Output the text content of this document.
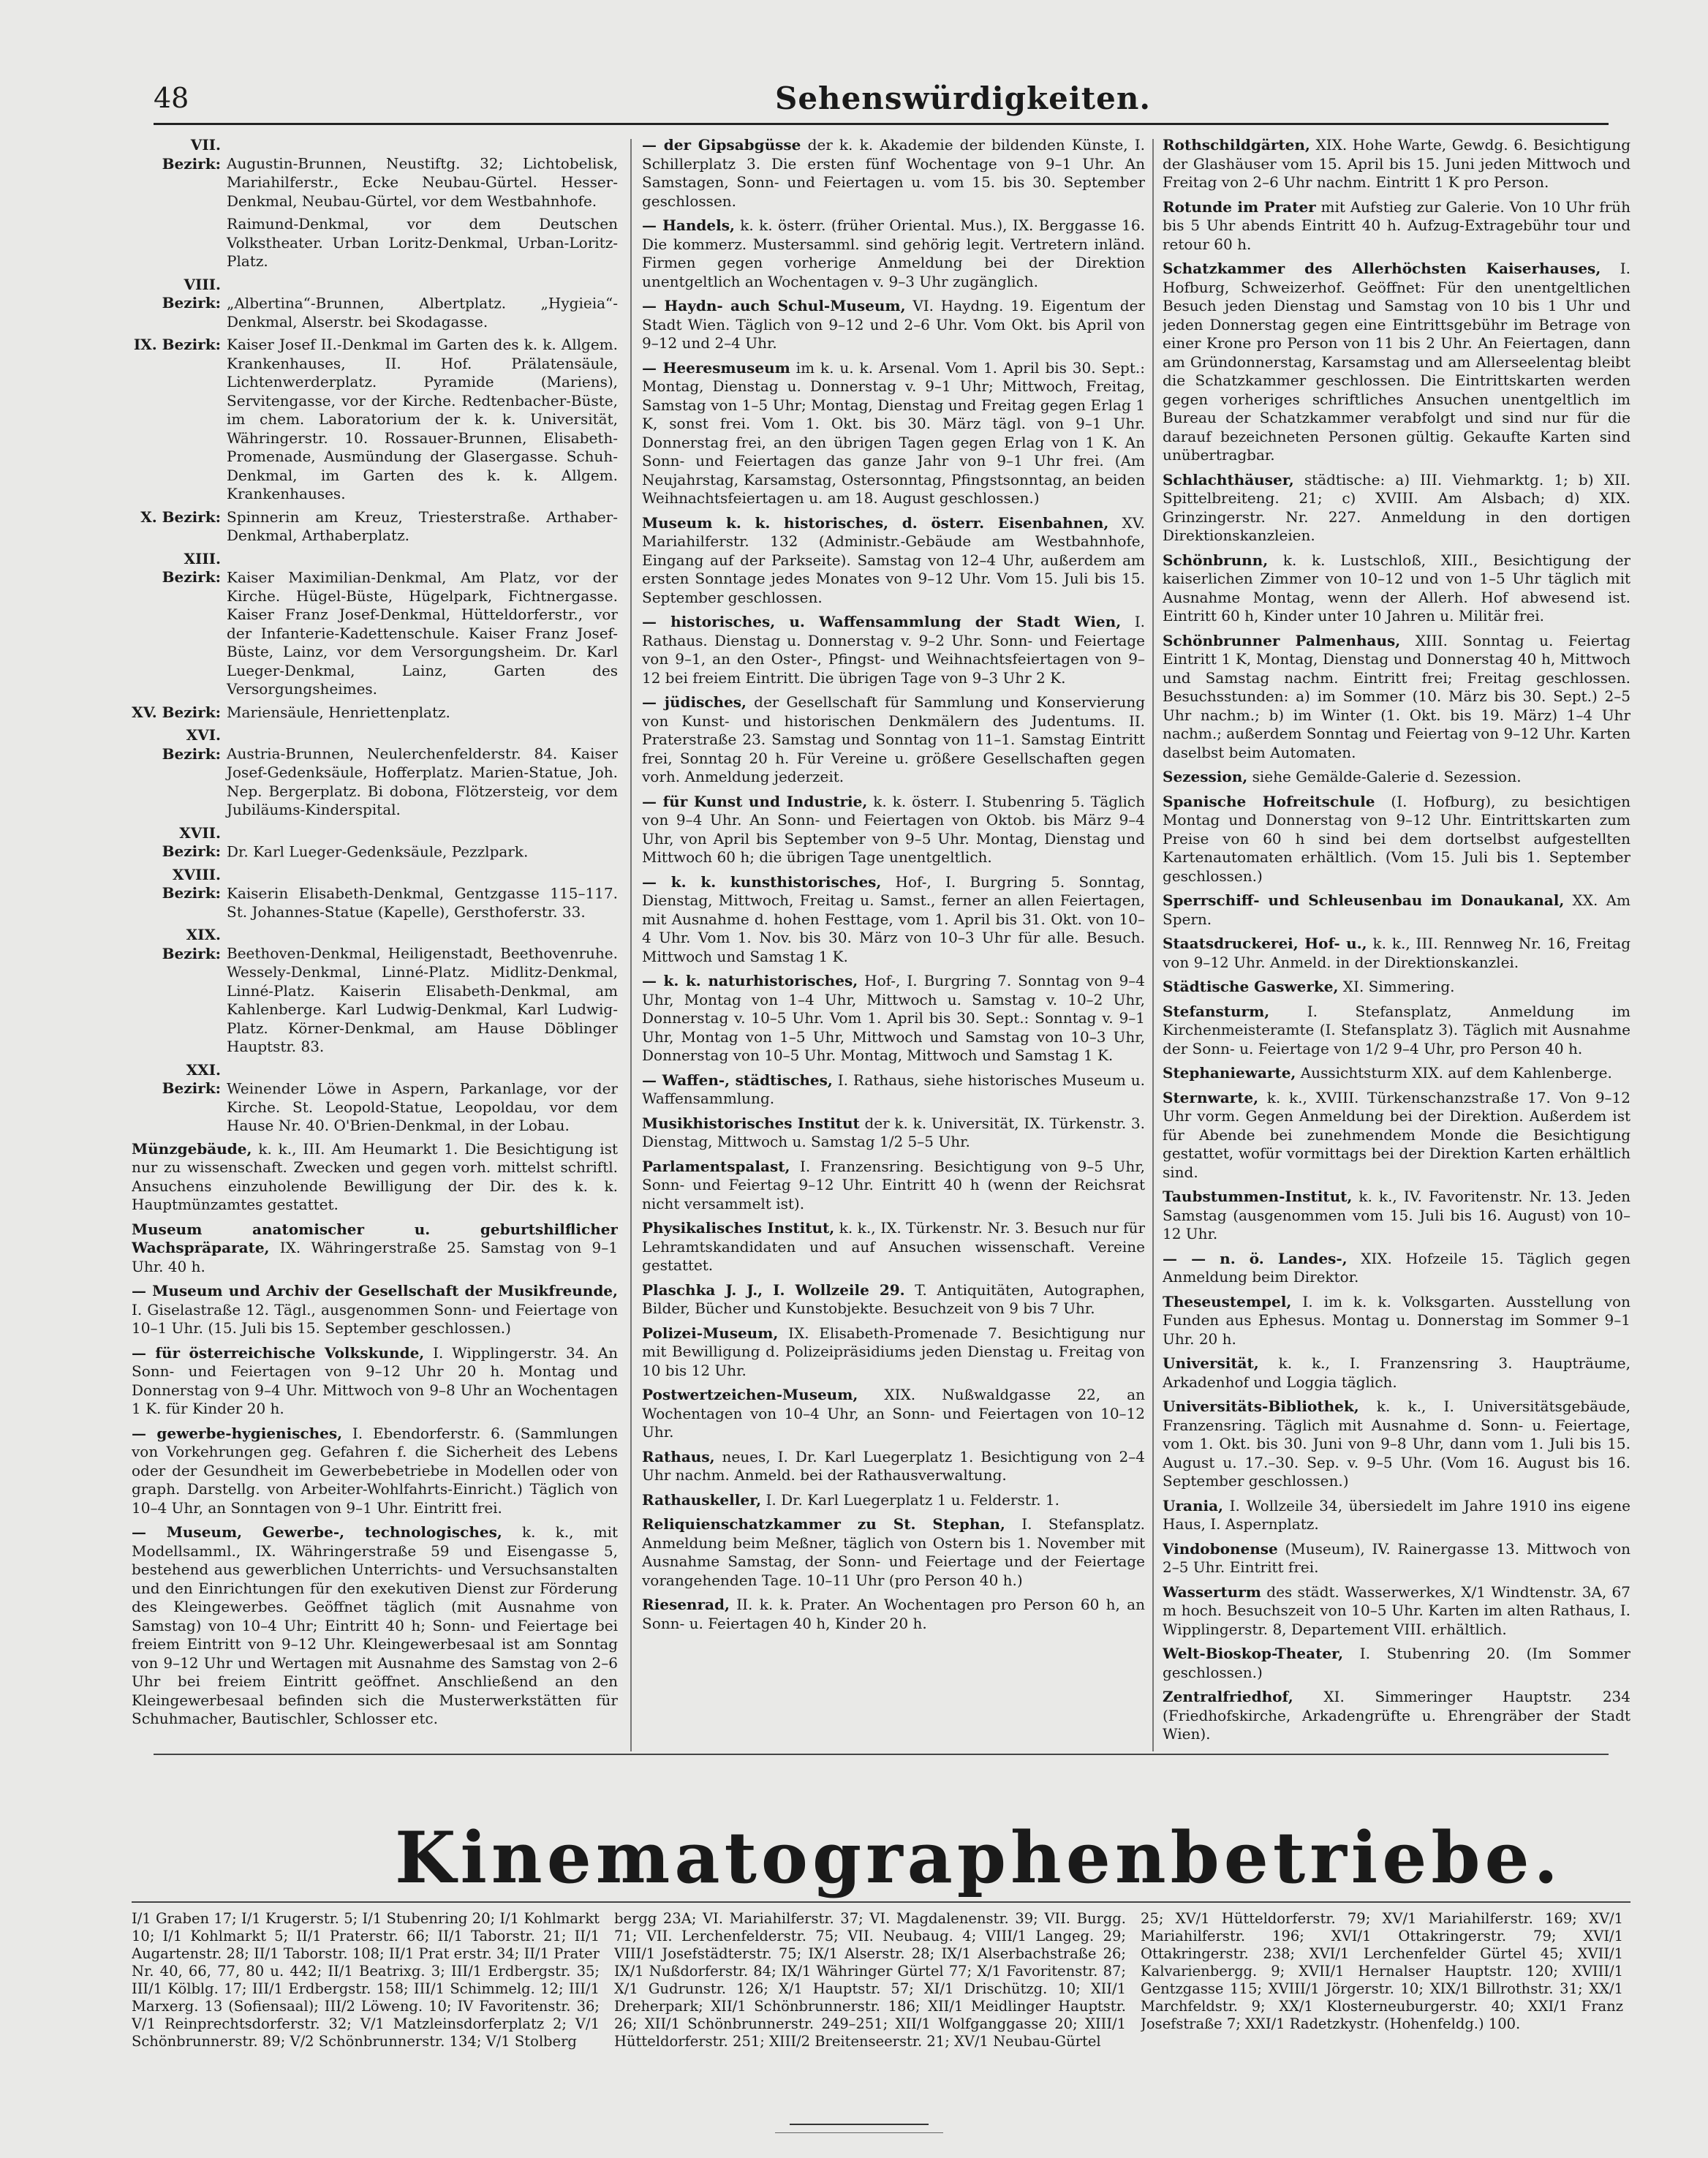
48	Sehenswürdigkeiten.

VII. Bezirk: Augustin-Brunnen, Neustiftg. 32; Lichtobelisk, Mariahilferstr., Ecke Neubau-Gürtel. Hesser-Denkmal, Neubau-Gürtel, vor dem Westbahnhofe.

Raimund-Denkmal, vor dem Deutschen Volkstheater. Urban Loritz-Denkmal, Urban-Loritz-Platz.

VIII. Bezirk: „Albertina“-Brunnen, Albertplatz. „Hygieia“-Denkmal, Alserstr. bei Skodagasse.

IX. Bezirk: Kaiser Josef II.-Denkmal im Garten des k. k. Allgem. Krankenhauses, II. Hof. Prälatensäule, Lichtenwerderplatz. Pyramide (Mariens), Servitengasse, vor der Kirche. Redtenbacher-Büste, im chem. Laboratorium der k. k. Universität, Währingerstr. 10. Rossauer-Brunnen, Elisabeth-Promenade, Ausmündung der Glasergasse. Schuh-Denkmal, im Garten des k. k. Allgem. Krankenhauses.

X. Bezirk: Spinnerin am Kreuz, Triesterstraße. Arthaber-Denkmal, Arthaberplatz.

XIII. Bezirk: Kaiser Maximilian-Denkmal, Am Platz, vor der Kirche. Hügel-Büste, Hügelpark, Fichtnergasse. Kaiser Franz Josef-Denkmal, Hütteldorferstr., vor der Infanterie-Kadettenschule. Kaiser Franz Josef-Büste, Lainz, vor dem Versorgungsheim. Dr. Karl Lueger-Denkmal, Lainz, Garten des Versorgungsheimes.

XV. Bezirk: Mariensäule, Henriettenplatz.

XVI. Bezirk: Austria-Brunnen, Neulerchenfelderstr. 84. Kaiser Josef-Gedenksäule, Hofferplatz. Marien-Statue, Joh. Nep. Bergerplatz. Bi dobona, Flötzersteig, vor dem Jubiläums-Kinderspital.

XVII. Bezirk: Dr. Karl Lueger-Gedenksäule, Pezzlpark.

XVIII. Bezirk: Kaiserin Elisabeth-Denkmal, Gentzgasse 115–117. St. Johannes-Statue (Kapelle), Gersthoferstr. 33.

XIX. Bezirk: Beethoven-Denkmal, Heiligenstadt, Beethovenruhe. Wessely-Denkmal, Linné-Platz. Midlitz-Denkmal, Linné-Platz. Kaiserin Elisabeth-Denkmal, am Kahlenberge. Karl Ludwig-Denkmal, Karl Ludwig-Platz. Körner-Denkmal, am Hause Döblinger Hauptstr. 83.

XXI. Bezirk: Weinender Löwe in Aspern, Parkanlage, vor der Kirche. St. Leopold-Statue, Leopoldau, vor dem Hause Nr. 40. O'Brien-Denkmal, in der Lobau.

Münzgebäude, k. k., III. Am Heumarkt 1. Die Besichtigung ist nur zu wissenschaft. Zwecken und gegen vorh. mittelst schriftl. Ansuchens einzuholende Bewilligung der Dir. des k. k. Hauptmünzamtes gestattet.

Museum anatomischer u. geburtshilflicher Wachspräparate, IX. Währingerstraße 25. Samstag von 9–1 Uhr. 40 h.

— Museum und Archiv der Gesellschaft der Musikfreunde, I. Giselastraße 12. Tägl., ausgenommen Sonn- und Feiertage von 10–1 Uhr. (15. Juli bis 15. September geschlossen.)

— für österreichische Volkskunde, I. Wipplingerstr. 34. An Sonn- und Feiertagen von 9–12 Uhr 20 h. Montag und Donnerstag von 9–4 Uhr. Mittwoch von 9–8 Uhr an Wochentagen 1 K. für Kinder 20 h.

— gewerbe-hygienisches, I. Ebendorferstr. 6. (Sammlungen von Vorkehrungen geg. Gefahren f. die Sicherheit des Lebens oder der Gesundheit im Gewerbebetriebe in Modellen oder von graph. Darstellg. von Arbeiter-Wohlfahrts-Einricht.) Täglich von 10–4 Uhr, an Sonntagen von 9–1 Uhr. Eintritt frei.

— Museum, Gewerbe-, technologisches, k. k., mit Modellsamml., IX. Währingerstraße 59 und Eisengasse 5, bestehend aus gewerblichen Unterrichts- und Versuchsanstalten und den Einrichtungen für den exekutiven Dienst zur Förderung des Kleingewerbes. Geöffnet täglich (mit Ausnahme von Samstag) von 10–4 Uhr; Eintritt 40 h; Sonn- und Feiertage bei freiem Eintritt von 9–12 Uhr. Kleingewerbesaal ist am Sonntag von 9–12 Uhr und Wertagen mit Ausnahme des Samstag von 2–6 Uhr bei freiem Eintritt geöffnet. Anschließend an den Kleingewerbesaal befinden sich die Musterwerkstätten für Schuhmacher, Bautischler, Schlosser etc.

— der Gipsabgüsse der k. k. Akademie der bildenden Künste, I. Schillerplatz 3. Die ersten fünf Wochentage von 9–1 Uhr. An Samstagen, Sonn- und Feiertagen u. vom 15. bis 30. September geschlossen.

— Handels, k. k. österr. (früher Oriental. Mus.), IX. Berggasse 16. Die kommerz. Mustersamml. sind gehörig legit. Vertretern inländ. Firmen gegen vorherige Anmeldung bei der Direktion unentgeltlich an Wochentagen v. 9–3 Uhr zugänglich.

— Haydn- auch Schul-Museum, VI. Haydng. 19. Eigentum der Stadt Wien. Täglich von 9–12 und 2–6 Uhr. Vom Okt. bis April von 9–12 und 2–4 Uhr.

— Heeresmuseum im k. u. k. Arsenal. Vom 1. April bis 30. Sept.: Montag, Dienstag u. Donnerstag v. 9–1 Uhr; Mittwoch, Freitag, Samstag von 1–5 Uhr; Montag, Dienstag und Freitag gegen Erlag 1 K, sonst frei. Vom 1. Okt. bis 30. März tägl. von 9–1 Uhr. Donnerstag frei, an den übrigen Tagen gegen Erlag von 1 K. An Sonn- und Feiertagen das ganze Jahr von 9–1 Uhr frei. (Am Neujahrstag, Karsamstag, Ostersonntag, Pfingstsonntag, an beiden Weihnachtsfeiertagen u. am 18. August geschlossen.)

Museum k. k. historisches, d. österr. Eisenbahnen, XV. Mariahilferstr. 132 (Administr.-Gebäude am Westbahnhofe, Eingang auf der Parkseite). Samstag von 12–4 Uhr, außerdem am ersten Sonntage jedes Monates von 9–12 Uhr. Vom 15. Juli bis 15. September geschlossen.

— historisches, u. Waffensammlung der Stadt Wien, I. Rathaus. Dienstag u. Donnerstag v. 9–2 Uhr. Sonn- und Feiertage von 9–1, an den Oster-, Pfingst- und Weihnachtsfeiertagen von 9–12 bei freiem Eintritt. Die übrigen Tage von 9–3 Uhr 2 K.

— jüdisches, der Gesellschaft für Sammlung und Konservierung von Kunst- und historischen Denkmälern des Judentums. II. Praterstraße 23. Samstag und Sonntag von 11–1. Samstag Eintritt frei, Sonntag 20 h. Für Vereine u. größere Gesellschaften gegen vorh. Anmeldung jederzeit.

— für Kunst und Industrie, k. k. österr. I. Stubenring 5. Täglich von 9–4 Uhr. An Sonn- und Feiertagen von Oktob. bis März 9–4 Uhr, von April bis September von 9–5 Uhr. Montag, Dienstag und Mittwoch 60 h; die übrigen Tage unentgeltlich.

— k. k. kunsthistorisches, Hof-, I. Burgring 5. Sonntag, Dienstag, Mittwoch, Freitag u. Samst., ferner an allen Feiertagen, mit Ausnahme d. hohen Festtage, vom 1. April bis 31. Okt. von 10–4 Uhr. Vom 1. Nov. bis 30. März von 10–3 Uhr für alle. Besuch. Mittwoch und Samstag 1 K.

— k. k. naturhistorisches, Hof-, I. Burgring 7. Sonntag von 9–4 Uhr, Montag von 1–4 Uhr, Mittwoch u. Samstag v. 10–2 Uhr, Donnerstag v. 10–5 Uhr. Vom 1. April bis 30. Sept.: Sonntag v. 9–1 Uhr, Montag von 1–5 Uhr, Mittwoch und Samstag von 10–3 Uhr, Donnerstag von 10–5 Uhr. Montag, Mittwoch und Samstag 1 K.

— Waffen-, städtisches, I. Rathaus, siehe historisches Museum u. Waffensammlung.

Musikhistorisches Institut der k. k. Universität, IX. Türkenstr. 3. Dienstag, Mittwoch u. Samstag 1/2 5–5 Uhr.

Parlamentspalast, I. Franzensring. Besichtigung von 9–5 Uhr, Sonn- und Feiertag 9–12 Uhr. Eintritt 40 h (wenn der Reichsrat nicht versammelt ist).

Physikalisches Institut, k. k., IX. Türkenstr. Nr. 3. Besuch nur für Lehramtskandidaten und auf Ansuchen wissenschaft. Vereine gestattet.

Plaschka J. J., I. Wollzeile 29. T. Antiquitäten, Autographen, Bilder, Bücher und Kunstobjekte. Besuchzeit von 9 bis 7 Uhr.

Polizei-Museum, IX. Elisabeth-Promenade 7. Besichtigung nur mit Bewilligung d. Polizeipräsidiums jeden Dienstag u. Freitag von 10 bis 12 Uhr.

Postwertzeichen-Museum, XIX. Nußwaldgasse 22, an Wochentagen von 10–4 Uhr, an Sonn- und Feiertagen von 10–12 Uhr.

Rathaus, neues, I. Dr. Karl Luegerplatz 1. Besichtigung von 2–4 Uhr nachm. Anmeld. bei der Rathausverwaltung.

Rathauskeller, I. Dr. Karl Luegerplatz 1 u. Felderstr. 1.

Reliquienschatzkammer zu St. Stephan, I. Stefansplatz. Anmeldung beim Meßner, täglich von Ostern bis 1. November mit Ausnahme Samstag, der Sonn- und Feiertage und der Feiertage vorangehenden Tage. 10–11 Uhr (pro Person 40 h.)

Riesenrad, II. k. k. Prater. An Wochentagen pro Person 60 h, an Sonn- u. Feiertagen 40 h, Kinder 20 h.

Rothschildgärten, XIX. Hohe Warte, Gewdg. 6. Besichtigung der Glashäuser vom 15. April bis 15. Juni jeden Mittwoch und Freitag von 2–6 Uhr nachm. Eintritt 1 K pro Person.

Rotunde im Prater mit Aufstieg zur Galerie. Von 10 Uhr früh bis 5 Uhr abends Eintritt 40 h. Aufzug-Extragebühr tour und retour 60 h.

Schatzkammer des Allerhöchsten Kaiserhauses, I. Hofburg, Schweizerhof. Geöffnet: Für den unentgeltlichen Besuch jeden Dienstag und Samstag von 10 bis 1 Uhr und jeden Donnerstag gegen eine Eintrittsgebühr im Betrage von einer Krone pro Person von 11 bis 2 Uhr. An Feiertagen, dann am Gründonnerstag, Karsamstag und am Allerseelentag bleibt die Schatzkammer geschlossen. Die Eintrittskarten werden gegen vorheriges schriftliches Ansuchen unentgeltlich im Bureau der Schatzkammer verabfolgt und sind nur für die darauf bezeichneten Personen gültig. Gekaufte Karten sind unübertragbar.

Schlachthäuser, städtische: a) III. Viehmarktg. 1; b) XII. Spittelbreiteng. 21; c) XVIII. Am Alsbach; d) XIX. Grinzingerstr. Nr. 227. Anmeldung in den dortigen Direktionskanzleien.

Schönbrunn, k. k. Lustschloß, XIII., Besichtigung der kaiserlichen Zimmer von 10–12 und von 1–5 Uhr täglich mit Ausnahme Montag, wenn der Allerh. Hof abwesend ist. Eintritt 60 h, Kinder unter 10 Jahren u. Militär frei.

Schönbrunner Palmenhaus, XIII. Sonntag u. Feiertag Eintritt 1 K, Montag, Dienstag und Donnerstag 40 h, Mittwoch und Samstag nachm. Eintritt frei; Freitag geschlossen. Besuchsstunden: a) im Sommer (10. März bis 30. Sept.) 2–5 Uhr nachm.; b) im Winter (1. Okt. bis 19. März) 1–4 Uhr nachm.; außerdem Sonntag und Feiertag von 9–12 Uhr. Karten daselbst beim Automaten.

Sezession, siehe Gemälde-Galerie d. Sezession.

Spanische Hofreitschule (I. Hofburg), zu besichtigen Montag und Donnerstag von 9–12 Uhr. Eintrittskarten zum Preise von 60 h sind bei dem dortselbst aufgestellten Kartenautomaten erhältlich. (Vom 15. Juli bis 1. September geschlossen.)

Sperrschiff- und Schleusenbau im Donaukanal, XX. Am Spern.

Staatsdruckerei, Hof- u., k. k., III. Rennweg Nr. 16, Freitag von 9–12 Uhr. Anmeld. in der Direktionskanzlei.

Städtische Gaswerke, XI. Simmering.

Stefansturm, I. Stefansplatz, Anmeldung im Kirchenmeisteramte (I. Stefansplatz 3). Täglich mit Ausnahme der Sonn- u. Feiertage von 1/2 9–4 Uhr, pro Person 40 h.

Stephaniewarte, Aussichtsturm XIX. auf dem Kahlenberge.

Sternwarte, k. k., XVIII. Türkenschanzstraße 17. Von 9–12 Uhr vorm. Gegen Anmeldung bei der Direktion. Außerdem ist für Abende bei zunehmendem Monde die Besichtigung gestattet, wofür vormittags bei der Direktion Karten erhältlich sind.

Taubstummen-Institut, k. k., IV. Favoritenstr. Nr. 13. Jeden Samstag (ausgenommen vom 15. Juli bis 16. August) von 10–12 Uhr.

— — n. ö. Landes-, XIX. Hofzeile 15. Täglich gegen Anmeldung beim Direktor.

Theseustempel, I. im k. k. Volksgarten. Ausstellung von Funden aus Ephesus. Montag u. Donnerstag im Sommer 9–1 Uhr. 20 h.

Universität, k. k., I. Franzensring 3. Haupträume, Arkadenhof und Loggia täglich.

Universitäts-Bibliothek, k. k., I. Universitätsgebäude, Franzensring. Täglich mit Ausnahme d. Sonn- u. Feiertage, vom 1. Okt. bis 30. Juni von 9–8 Uhr, dann vom 1. Juli bis 15. August u. 17.–30. Sep. v. 9–5 Uhr. (Vom 16. August bis 16. September geschlossen.)

Urania, I. Wollzeile 34, übersiedelt im Jahre 1910 ins eigene Haus, I. Aspernplatz.

Vindobonense (Museum), IV. Rainergasse 13. Mittwoch von 2–5 Uhr. Eintritt frei.

Wasserturm des städt. Wasserwerkes, X/1 Windtenstr. 3A, 67 m hoch. Besuchszeit von 10–5 Uhr. Karten im alten Rathaus, I. Wipplingerstr. 8, Departement VIII. erhältlich.

Welt-Bioskop-Theater, I. Stubenring 20. (Im Sommer geschlossen.)

Zentralfriedhof, XI. Simmeringer Hauptstr. 234 (Friedhofskirche, Arkadengrüfte u. Ehrengräber der Stadt Wien).

Kinematographenbetriebe.
I/1 Graben 17; I/1 Krugerstr. 5; I/1 Stubenring 20; I/1 Kohlmarkt 10; I/1 Kohlmarkt 5; II/1 Praterstr. 66; II/1 Taborstr. 21; II/1 Augartenstr. 28; II/1 Taborstr. 108; II/1 Prat erstr. 34; II/1 Prater Nr. 40, 66, 77, 80 u. 442; II/1 Beatrixg. 3; III/1 Erdbergstr. 35; III/1 Kölblg. 17; III/1 Erdbergstr. 158; III/1 Schimmelg. 12; III/1 Marxerg. 13 (Sofiensaal); III/2 Löweng. 10; IV Favoritenstr. 36; V/1 Reinprechtsdorferstr. 32; V/1 Matzleinsdorferplatz 2; V/1 Schönbrunnerstr. 89; V/2 Schönbrunnerstr. 134; V/1 Stolberg
bergg 23A; VI. Mariahilferstr. 37; VI. Magdalenenstr. 39; VII. Burgg. 71; VII. Lerchenfelderstr. 75; VII. Neubaug. 4; VIII/1 Langeg. 29; VIII/1 Josefstädterstr. 75; IX/1 Alserstr. 28; IX/1 Alserbachstraße 26; IX/1 Nußdorferstr. 84; IX/1 Währinger Gürtel 77; X/1 Favoritenstr. 87; X/1 Gudrunstr. 126; X/1 Hauptstr. 57; XI/1 Drischützg. 10; XII/1 Dreherpark; XII/1 Schönbrunnerstr. 186; XII/1 Meidlinger Hauptstr. 26; XII/1 Schönbrunnerstr. 249–251; XII/1 Wolfganggasse 20; XIII/1 Hütteldorferstr. 251; XIII/2 Breitenseerstr. 21; XV/1 Neubau-Gürtel
25; XV/1 Hütteldorferstr. 79; XV/1 Mariahilferstr. 169; XV/1 Mariahilferstr. 196; XVI/1 Ottakringerstr. 79; XVI/1 Ottakringerstr. 238; XVI/1 Lerchenfelder Gürtel 45; XVII/1 Kalvarienbergg. 9; XVII/1 Hernalser Hauptstr. 120; XVIII/1 Gentzgasse 115; XVIII/1 Jörgerstr. 10; XIX/1 Billrothstr. 31; XX/1 Marchfeldstr. 9; XX/1 Klosterneuburgerstr. 40; XXI/1 Franz Josefstraße 7; XXI/1 Radetzkystr. (Hohenfeldg.) 100.
